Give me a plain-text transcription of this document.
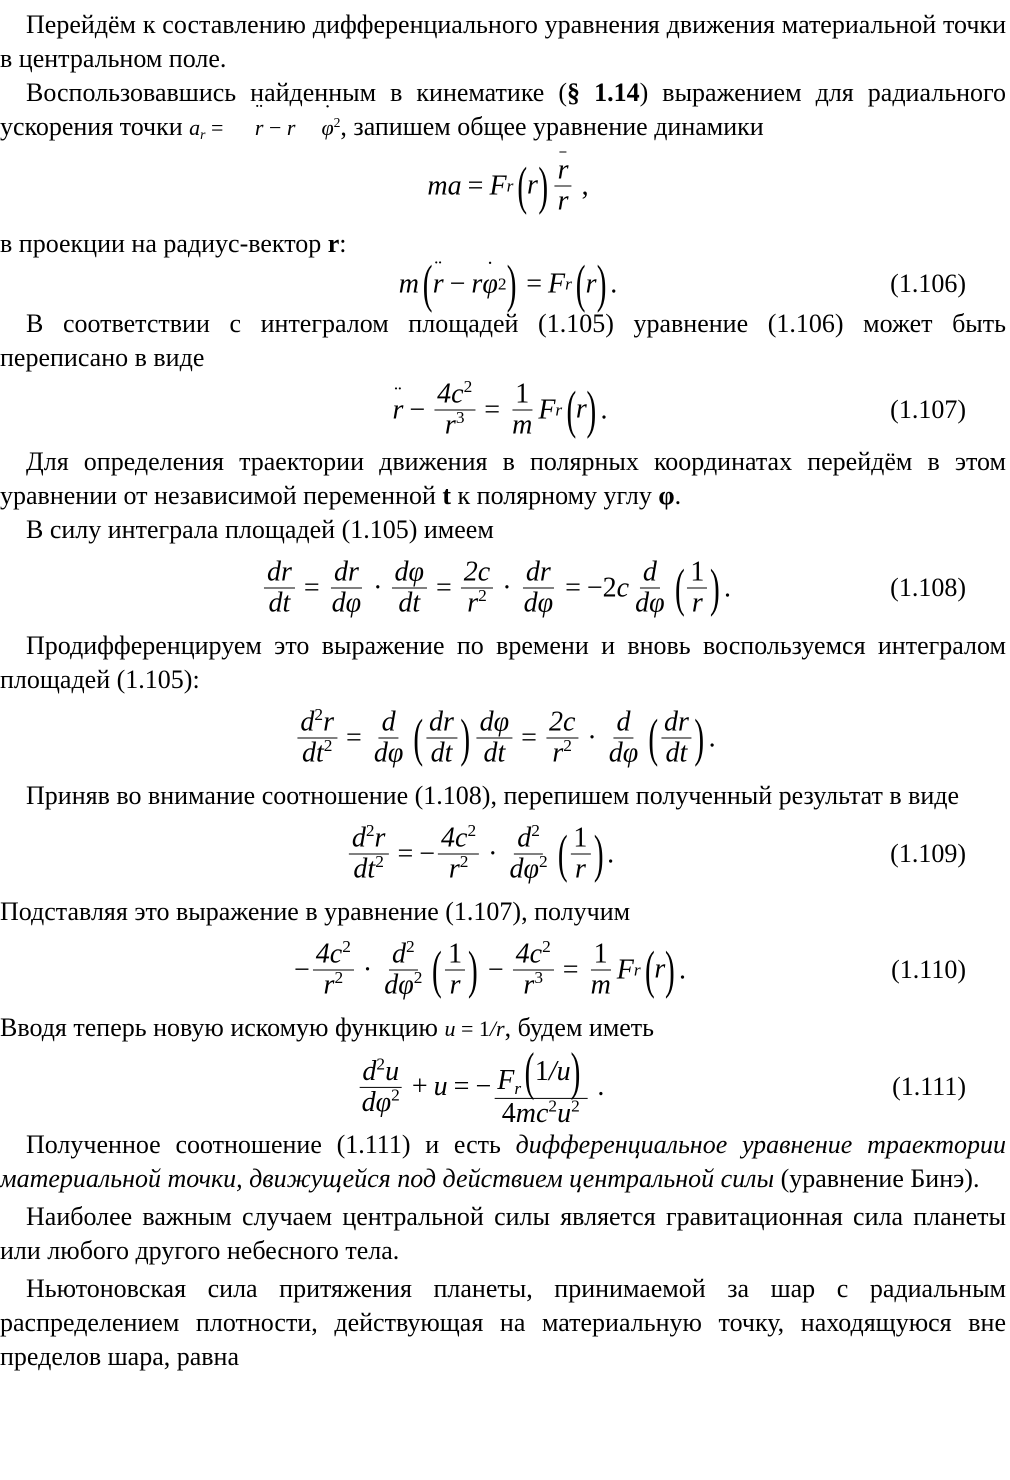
Перейдём к составлению дифференциального уравнения движения материальной точки в центральном поле.

Воспользовавшись найденным в кинематике (§ 1.14) выражением для радиального ускорения точки $a_r$ = ¨ r − r ˙ $\varphi^2$, запишем общее уравнение динамики

ma = F r ( r ) r
r
,

в проекции на радиус-вектор r:

m ¨ ( r − r ˙ φ 2
) = F r ( r ) .	(1.106)

В соответствии с интегралом площадей (1.105) уравнение (1.106) может быть переписано в виде

¨ $r - \frac{4c^2}{r^3} = \frac{1}{m}$ F r ( r ) .	(1.107)

Для определения траектории движения в полярных координатах перейдём в этом уравнении от независимой переменной t к полярному углу φ.

В силу интеграла площадей (1.105) имеем

$\frac{dr}{dt} = \frac{dr}{d\varphi} \cdot \frac{d\varphi}{dt} = \frac{2c}{r^2} \cdot \frac{dr}{d\varphi} = -2$ c d
dφ
( 1
r
) .	(1.108)

Продифференцируем это выражение по времени и вновь воспользуемся интегралом площадей (1.105):

$\frac{d^2r}{dt^2} = \frac{d}{d\varphi}$ ( dr
dt
) $\frac{d\varphi}{dt} = \frac{2c}{r^2} \cdot d$
dφ
( dr
dt
) .

Приняв во внимание соотношение (1.108), перепишем полученный результат в виде

$\frac{d^2r}{dt^2}$ = − $\frac{4c^2}{r^2} \cdot d^2$
$d\varphi^2$
( 1
r
) .	(1.109)

Подставляя это выражение в уравнение (1.107), получим

− $\frac{4c^2}{r^2} \cdot d^2$
$d\varphi^2$
( 1
r
) − $\frac{4c^2}{r^3} = \frac{1}{m}$ F r ( r ) .	(1.110)

Вводя теперь новую искомую функцию u = 1/r, будем иметь

$d^2u$
$d\varphi^2 + u$ = − $F_r$
( 1 /u )
$4mc^2u^2$
.	(1.111)

Полученное соотношение (1.111) и есть дифференциальное уравнение траектории материальной точки, движущейся под действием центральной силы (уравнение Бинэ).

Наиболее важным случаем центральной силы является гравитационная сила планеты или любого другого небесного тела.

Ньютоновская сила притяжения планеты, принимаемой за шар с радиальным распределением плотности, действующая на материальную точку, находящуюся вне пределов шара, равна
